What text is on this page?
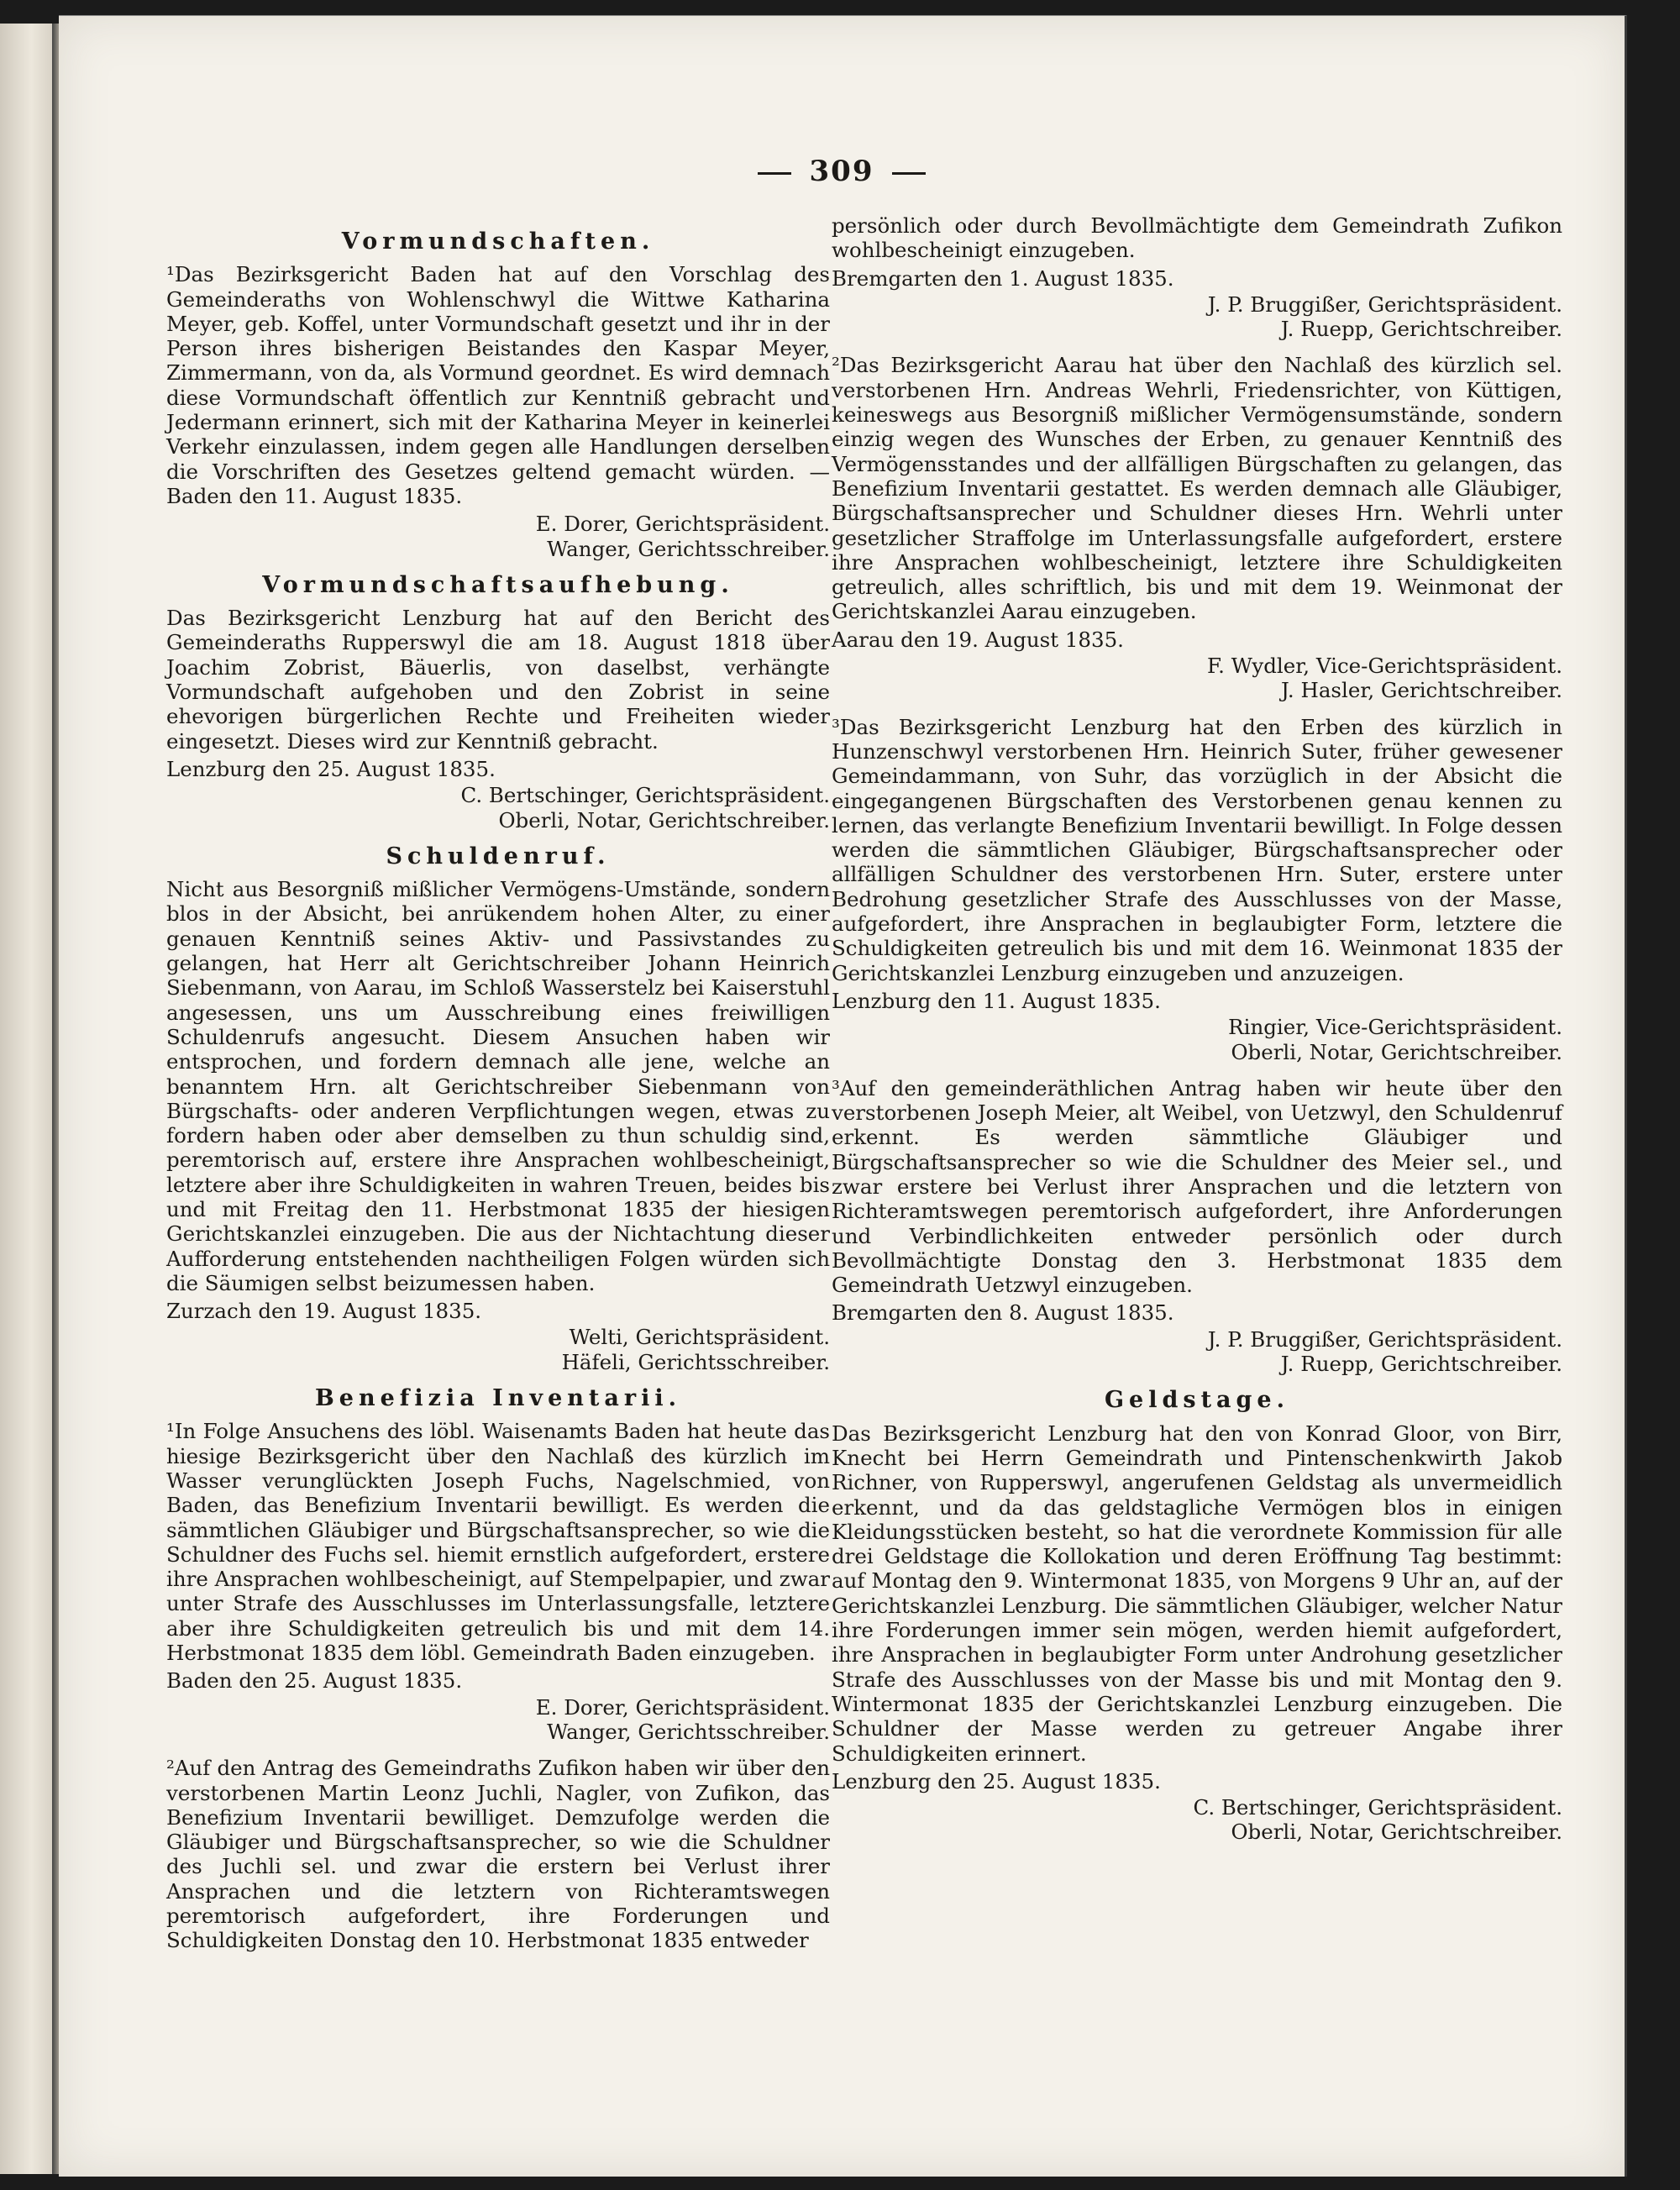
309

Vormundschaften.

¹Das Bezirksgericht Baden hat auf den Vorschlag des Gemeinderaths von Wohlenschwyl die Wittwe Katharina Meyer, geb. Koffel, unter Vormundschaft gesetzt und ihr in der Person ihres bisherigen Beistandes den Kaspar Meyer, Zimmermann, von da, als Vormund geordnet. Es wird demnach diese Vormundschaft öffentlich zur Kenntniß gebracht und Jedermann erinnert, sich mit der Katharina Meyer in keinerlei Verkehr einzulassen, indem gegen alle Handlungen derselben die Vorschriften des Gesetzes geltend gemacht würden. — Baden den 11. August 1835.

E. Dorer, Gerichtspräsident.

Wanger, Gerichtsschreiber.

Vormundschaftsaufhebung.

Das Bezirksgericht Lenzburg hat auf den Bericht des Gemeinderaths Rupperswyl die am 18. August 1818 über Joachim Zobrist, Bäuerlis, von daselbst, verhängte Vormundschaft aufgehoben und den Zobrist in seine ehevorigen bürgerlichen Rechte und Freiheiten wieder eingesetzt. Dieses wird zur Kenntniß gebracht.

Lenzburg den 25. August 1835.

C. Bertschinger, Gerichtspräsident.

Oberli, Notar, Gerichtschreiber.

Schuldenruf.

Nicht aus Besorgniß mißlicher Vermögens-Umstände, sondern blos in der Absicht, bei anrükendem hohen Alter, zu einer genauen Kenntniß seines Aktiv- und Passivstandes zu gelangen, hat Herr alt Gerichtschreiber Johann Heinrich Siebenmann, von Aarau, im Schloß Wasserstelz bei Kaiserstuhl angesessen, uns um Ausschreibung eines freiwilligen Schuldenrufs angesucht. Diesem Ansuchen haben wir entsprochen, und fordern demnach alle jene, welche an benanntem Hrn. alt Gerichtschreiber Siebenmann von Bürgschafts- oder anderen Verpflichtungen wegen, etwas zu fordern haben oder aber demselben zu thun schuldig sind, peremtorisch auf, erstere ihre Ansprachen wohlbescheinigt, letztere aber ihre Schuldigkeiten in wahren Treuen, beides bis und mit Freitag den 11. Herbstmonat 1835 der hiesigen Gerichtskanzlei einzugeben. Die aus der Nichtachtung dieser Aufforderung entstehenden nachtheiligen Folgen würden sich die Säumigen selbst beizumessen haben.

Zurzach den 19. August 1835.

Welti, Gerichtspräsident.

Häfeli, Gerichtsschreiber.

Benefizia Inventarii.

¹In Folge Ansuchens des löbl. Waisenamts Baden hat heute das hiesige Bezirksgericht über den Nachlaß des kürzlich im Wasser verunglückten Joseph Fuchs, Nagelschmied, von Baden, das Benefizium Inventarii bewilligt. Es werden die sämmtlichen Gläubiger und Bürgschaftsansprecher, so wie die Schuldner des Fuchs sel. hiemit ernstlich aufgefordert, erstere ihre Ansprachen wohlbescheinigt, auf Stempelpapier, und zwar unter Strafe des Ausschlusses im Unterlassungsfalle, letztere aber ihre Schuldigkeiten getreulich bis und mit dem 14. Herbstmonat 1835 dem löbl. Gemeindrath Baden einzugeben.

Baden den 25. August 1835.

E. Dorer, Gerichtspräsident.

Wanger, Gerichtsschreiber.

²Auf den Antrag des Gemeindraths Zufikon haben wir über den verstorbenen Martin Leonz Juchli, Nagler, von Zufikon, das Benefizium Inventarii bewilliget. Demzufolge werden die Gläubiger und Bürgschaftsansprecher, so wie die Schuldner des Juchli sel. und zwar die erstern bei Verlust ihrer Ansprachen und die letztern von Richteramtswegen peremtorisch aufgefordert, ihre Forderungen und Schuldigkeiten Donstag den 10. Herbstmonat 1835 entweder

persönlich oder durch Bevollmächtigte dem Gemeindrath Zufikon wohlbescheinigt einzugeben.

Bremgarten den 1. August 1835.

J. P. Bruggißer, Gerichtspräsident.

J. Ruepp, Gerichtschreiber.

²Das Bezirksgericht Aarau hat über den Nachlaß des kürzlich sel. verstorbenen Hrn. Andreas Wehrli, Friedensrichter, von Küttigen, keineswegs aus Besorgniß mißlicher Vermögensumstände, sondern einzig wegen des Wunsches der Erben, zu genauer Kenntniß des Vermögensstandes und der allfälligen Bürgschaften zu gelangen, das Benefizium Inventarii gestattet. Es werden demnach alle Gläubiger, Bürgschaftsansprecher und Schuldner dieses Hrn. Wehrli unter gesetzlicher Straffolge im Unterlassungsfalle aufgefordert, erstere ihre Ansprachen wohlbescheinigt, letztere ihre Schuldigkeiten getreulich, alles schriftlich, bis und mit dem 19. Weinmonat der Gerichtskanzlei Aarau einzugeben.

Aarau den 19. August 1835.

F. Wydler, Vice-Gerichtspräsident.

J. Hasler, Gerichtschreiber.

³Das Bezirksgericht Lenzburg hat den Erben des kürzlich in Hunzenschwyl verstorbenen Hrn. Heinrich Suter, früher gewesener Gemeindammann, von Suhr, das vorzüglich in der Absicht die eingegangenen Bürgschaften des Verstorbenen genau kennen zu lernen, das verlangte Benefizium Inventarii bewilligt. In Folge dessen werden die sämmtlichen Gläubiger, Bürgschaftsansprecher oder allfälligen Schuldner des verstorbenen Hrn. Suter, erstere unter Bedrohung gesetzlicher Strafe des Ausschlusses von der Masse, aufgefordert, ihre Ansprachen in beglaubigter Form, letztere die Schuldigkeiten getreulich bis und mit dem 16. Weinmonat 1835 der Gerichtskanzlei Lenzburg einzugeben und anzuzeigen.

Lenzburg den 11. August 1835.

Ringier, Vice-Gerichtspräsident.

Oberli, Notar, Gerichtschreiber.

³Auf den gemeinderäthlichen Antrag haben wir heute über den verstorbenen Joseph Meier, alt Weibel, von Uetzwyl, den Schuldenruf erkennt. Es werden sämmtliche Gläubiger und Bürgschaftsansprecher so wie die Schuldner des Meier sel., und zwar erstere bei Verlust ihrer Ansprachen und die letztern von Richteramtswegen peremtorisch aufgefordert, ihre Anforderungen und Verbindlichkeiten entweder persönlich oder durch Bevollmächtigte Donstag den 3. Herbstmonat 1835 dem Gemeindrath Uetzwyl einzugeben.

Bremgarten den 8. August 1835.

J. P. Bruggißer, Gerichtspräsident.

J. Ruepp, Gerichtschreiber.

Geldstage.

Das Bezirksgericht Lenzburg hat den von Konrad Gloor, von Birr, Knecht bei Herrn Gemeindrath und Pintenschenkwirth Jakob Richner, von Rupperswyl, angerufenen Geldstag als unvermeidlich erkennt, und da das geldstagliche Vermögen blos in einigen Kleidungsstücken besteht, so hat die verordnete Kommission für alle drei Geldstage die Kollokation und deren Eröffnung Tag bestimmt: auf Montag den 9. Wintermonat 1835, von Morgens 9 Uhr an, auf der Gerichtskanzlei Lenzburg. Die sämmtlichen Gläubiger, welcher Natur ihre Forderungen immer sein mögen, werden hiemit aufgefordert, ihre Ansprachen in beglaubigter Form unter Androhung gesetzlicher Strafe des Ausschlusses von der Masse bis und mit Montag den 9. Wintermonat 1835 der Gerichtskanzlei Lenzburg einzugeben. Die Schuldner der Masse werden zu getreuer Angabe ihrer Schuldigkeiten erinnert.

Lenzburg den 25. August 1835.

C. Bertschinger, Gerichtspräsident.

Oberli, Notar, Gerichtschreiber.
